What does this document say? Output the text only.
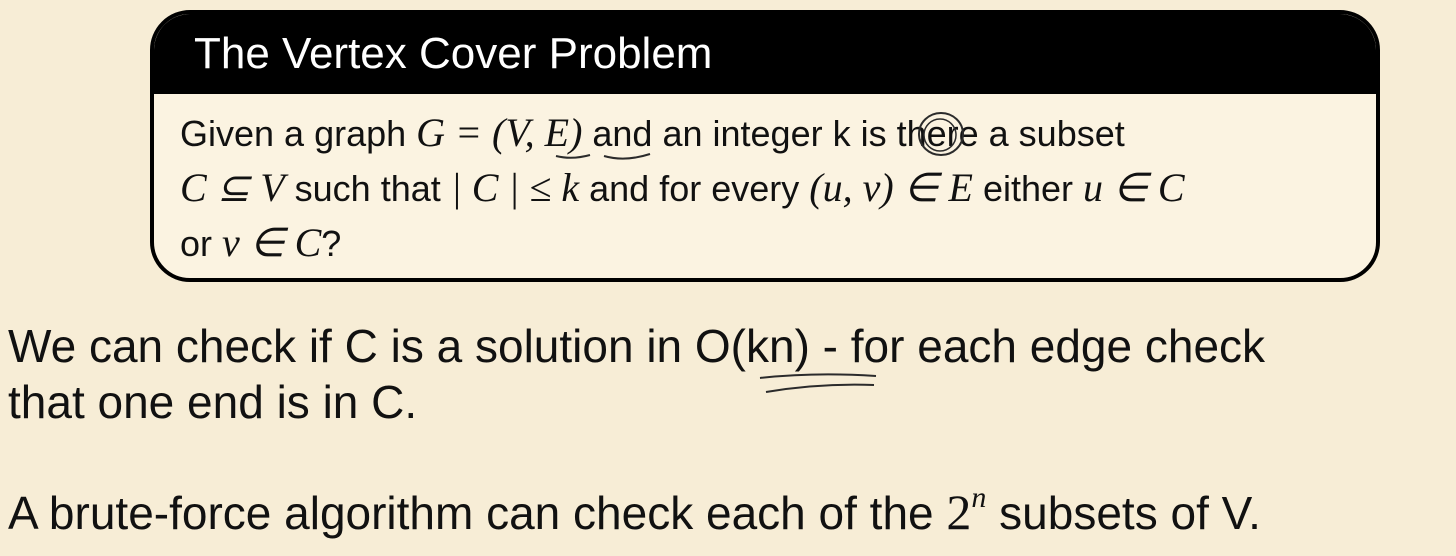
The Vertex Cover Problem
Given a graph G = (V, E) and an integer k is there a subset
C ⊆ V such that | C | ≤ k and for every (u, v) ∈ E either u ∈ C
or v ∈ C?
We can check if C is a solution in O(kn) - for each edge check
that one end is in C.
A brute-force algorithm can check each of the 2$^n$ subsets of V.
